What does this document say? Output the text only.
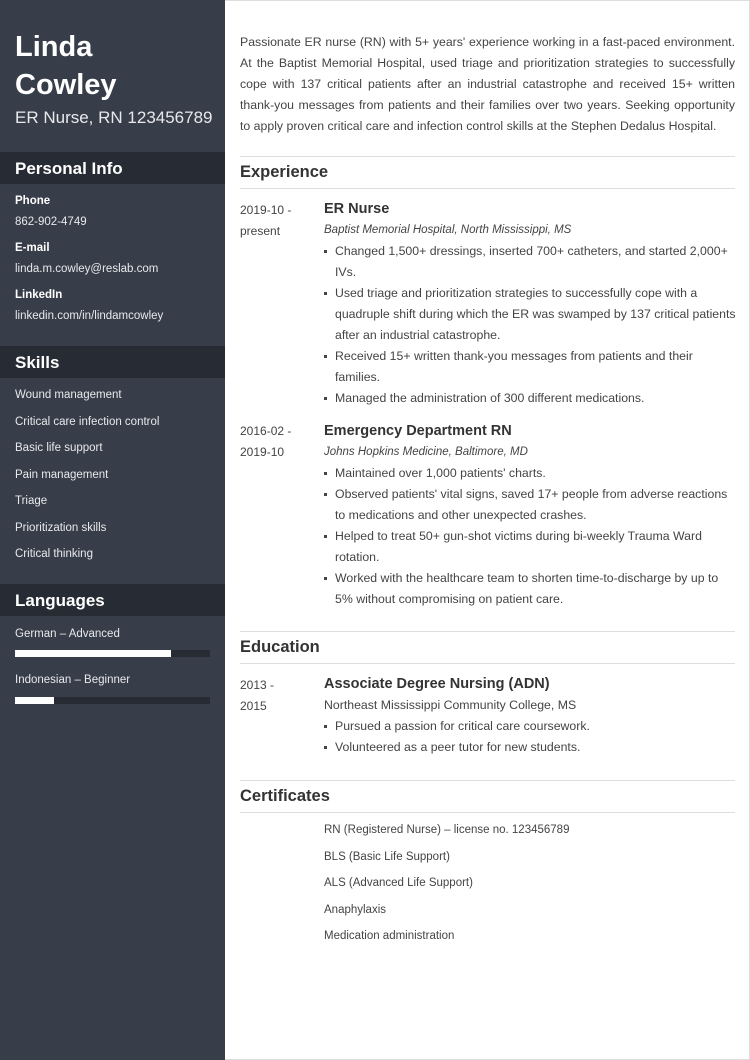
Linda
Cowley
ER Nurse, RN 123456789
Personal Info
Phone
862-902-4749
E-mail
linda.m.cowley@reslab.com
LinkedIn
linkedin.com/in/lindamcowley
Skills
Wound management
Critical care infection control
Basic life support
Pain management
Triage
Prioritization skills
Critical thinking
Languages
German – Advanced
Indonesian – Beginner
Passionate ER nurse (RN) with 5+ years' experience working in a fast-paced environment. At the Baptist Memorial Hospital, used triage and prioritization strategies to successfully cope with 137 critical patients after an industrial catastrophe and received 15+ written thank-you messages from patients and their families over two years. Seeking opportunity to apply proven critical care and infection control skills at the Stephen Dedalus Hospital.
Experience
2019-10 -
present
ER Nurse
Baptist Memorial Hospital, North Mississippi, MS
Changed 1,500+ dressings, inserted 700+ catheters, and started 2,000+ IVs.
Used triage and prioritization strategies to successfully cope with a quadruple shift during which the ER was swamped by 137 critical patients after an industrial catastrophe.
Received 15+ written thank-you messages from patients and their families.
Managed the administration of 300 different medications.
2016-02 -
2019-10
Emergency Department RN
Johns Hopkins Medicine, Baltimore, MD
Maintained over 1,000 patients' charts.
Observed patients' vital signs, saved 17+ people from adverse reactions to medications and other unexpected crashes.
Helped to treat 50+ gun-shot victims during bi-weekly Trauma Ward rotation.
Worked with the healthcare team to shorten time-to-discharge by up to 5% without compromising on patient care.
Education
2013 -
2015
Associate Degree Nursing (ADN)
Northeast Mississippi Community College, MS
Pursued a passion for critical care coursework.
Volunteered as a peer tutor for new students.
Certificates
RN (Registered Nurse) – license no. 123456789
BLS (Basic Life Support)
ALS (Advanced Life Support)
Anaphylaxis
Medication administration
